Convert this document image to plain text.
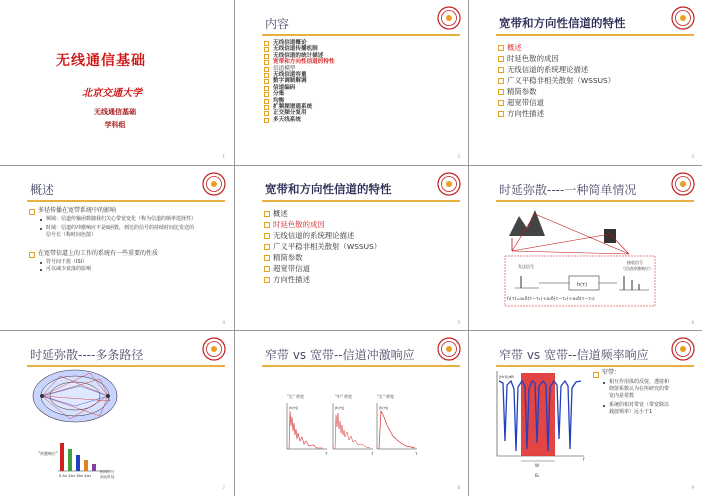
无线通信基础
北京交通大学
无线通信基础
学科组
1
内容
无线信道概论
无线信道传播机制
无线信道的统计描述
宽带和方向性信道的特性
信道模型
无线信道容量
数字调制解调
信道编码
分集
均衡
扩频频谱通系统
正交频分复用
多天线系统
2
宽带和方向性信道的特性
概述
时延色散的成因
无线信道的系统理论描述
广义平稳非相关散射（WSSUS）
精简参数
超宽带信道
方向性描述
3
概述
多径传播在宽带系统中的影响
频域：信道传输函数随我们关心带宽变化（称为信道的频率选择性）
时域：信道的冲激响应不是δ函数，到达的信号的持续时间比发送的信号长（称时间色散）
在宽带信道上的工作的系统有一些重要的性质
符号间干扰（ISI）
可以减少衰落的影响
4
宽带和方向性信道的特性
概述
时延色散的成因
无线信道的系统理论描述
广义平稳非相关散射（WSSUS）
精简参数
超宽带信道
方向性描述
5
时延弥散----一种简单情况
发送信号
接收信号
（信道冲激响应）
h(τ)
h(τ)=a₁δ(τ−τ₁)+a₂δ(τ−τ₂)+a₃δ(τ−τ₃)
6
时延弥散----多条路径
"冲激响应"
0 Δτ 2Δτ 3Δτ 4Δτ
相对信号
到达时延
7
窄带 vs 宽带--信道冲激响应
"长" 带宽	"中" 带宽	"长" 带宽
|h(τ)|	|h(τ)|	|h(τ)|
τ	τ	τ
8
窄带 vs 宽带--信道频率响应
|H(f)|dB
f
W
B₁
窄带：
相互作用体的反射，透射和绕射系数认为在所研究的带宽内是常数
系统的相对带宽（带宽除以载波频率）远小于1
9
